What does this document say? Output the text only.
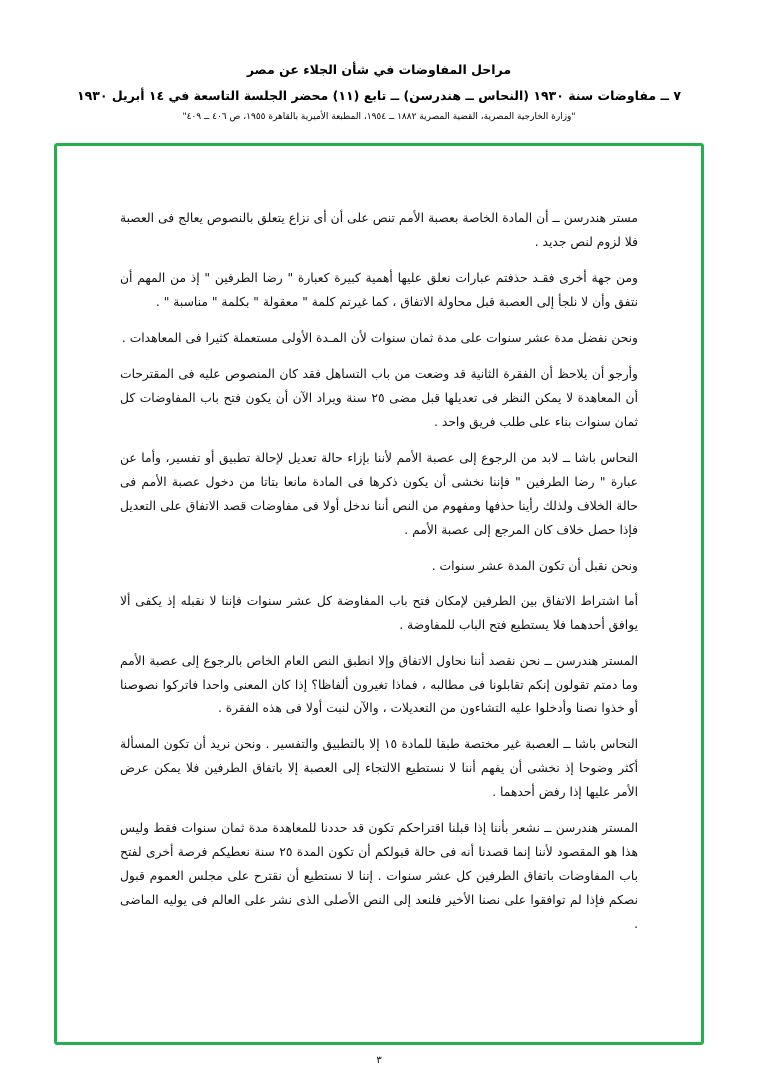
مراحل المفاوضات في شأن الجلاء عن مصر
٧ ــ مفاوضات سنة ١٩٣٠ (النحاس ــ هندرسن) ــ تابع (١١) محضر الجلسة التاسعة في ١٤ أبريل ١٩٣٠
"وزارة الخارجية المصرية، القضية المصرية ١٨٨٢ ــ ١٩٥٤، المطبعة الأميرية بالقاهرة ١٩٥٥، ص ٤٠٦ ــ ٤٠٩"

مستر هندرسن ــ أن المادة الخاصة بعصبة الأمم تنص على أن أى نزاع يتعلق بالنصوص يعالج فى العصبة فلا لزوم لنص جديد .

ومن جهة أخرى فقـد حذفتم عبارات نعلق عليها أهمية كبيرة كعبارة " رضا الطرفين " إذ من المهم أن نتفق وأن لا نلجأ إلى العصبة قبل محاولة الاتفاق ، كما غيرتم كلمة " معقولة " بكلمة " مناسبة " .

ونحن نفضل مدة عشر سنوات على مدة ثمان سنوات لأن المـدة الأولى مستعملة كثيرا فى المعاهدات .

وأرجو أن يلاحظ أن الفقرة الثانية قد وضعت من باب التساهل فقد كان المنصوص عليه فى المقترحات أن المعاهدة لا يمكن النظر فى تعديلها قبل مضى ٢٥ سنة ويراد الآن أن يكون فتح باب المفاوضات كل ثمان سنوات بناء على طلب فريق واحد .

النحاس باشا ــ لابد من الرجوع إلى عصبة الأمم لأننا بإزاء حالة تعديل لإحالة تطبيق أو تفسير، وأما عن عبارة " رضا الطرفين " فإننا نخشى أن يكون ذكرها فى المادة مانعا بتاتا من دخول عصبة الأمم فى حالة الخلاف ولذلك رأينا حذفها ومفهوم من النص أننا ندخل أولا فى مفاوضات قصد الاتفاق على التعديل فإذا حصل خلاف كان المرجع إلى عصبة الأمم .

ونحن نقبل أن تكون المدة عشر سنوات .

أما اشتراط الاتفاق بين الطرفين لإمكان فتح باب المفاوضة كل عشر سنوات فإننا لا نقبله إذ يكفى ألا يوافق أحدهما فلا يستطيع فتح الباب للمفاوضة .

المستر هندرسن ــ نحن نقصد أننا نحاول الاتفاق وإلا انطبق النص العام الخاص بالرجوع إلى عصبة الأمم وما دمتم تقولون إنكم تقابلونا فى مطالبه ، فماذا تغيرون ألفاظا؟ إذا كان المعنى واحدا فاتركوا نصوصنا أو خذوا نصنا وأدخلوا عليه التشاءون من التعديلات ، والآن لنبت أولا فى هذه الفقرة .

النحاس باشا ــ العصبة غير مختصة طبقا للمادة ١٥ إلا بالتطبيق والتفسير . ونحن نريد أن تكون المسألة أكثر وضوحا إذ نخشى أن يفهم أننا لا نستطيع الالتجاء إلى العصبة إلا باتفاق الطرفين فلا يمكن عرض الأمر عليها إذا رفض أحدهما .

المستر هندرسن ــ نشعر بأننا إذا قبلنا اقتراحكم تكون قد حددنا للمعاهدة مدة ثمان سنوات فقط وليس هذا هو المقصود لأننا إنما قصدنا أنه فى حالة قبولكم أن تكون المدة ٢٥ سنة نعطيكم فرصة أخرى لفتح باب المفاوضات باتفاق الطرفين كل عشر سنوات . إننا لا نستطيع أن نقترح على مجلس العموم قبول نصكم فإذا لم توافقوا على نصنا الأخير فلنعد إلى النص الأصلى الذى نشر على العالم فى يوليه الماضى .

٣
